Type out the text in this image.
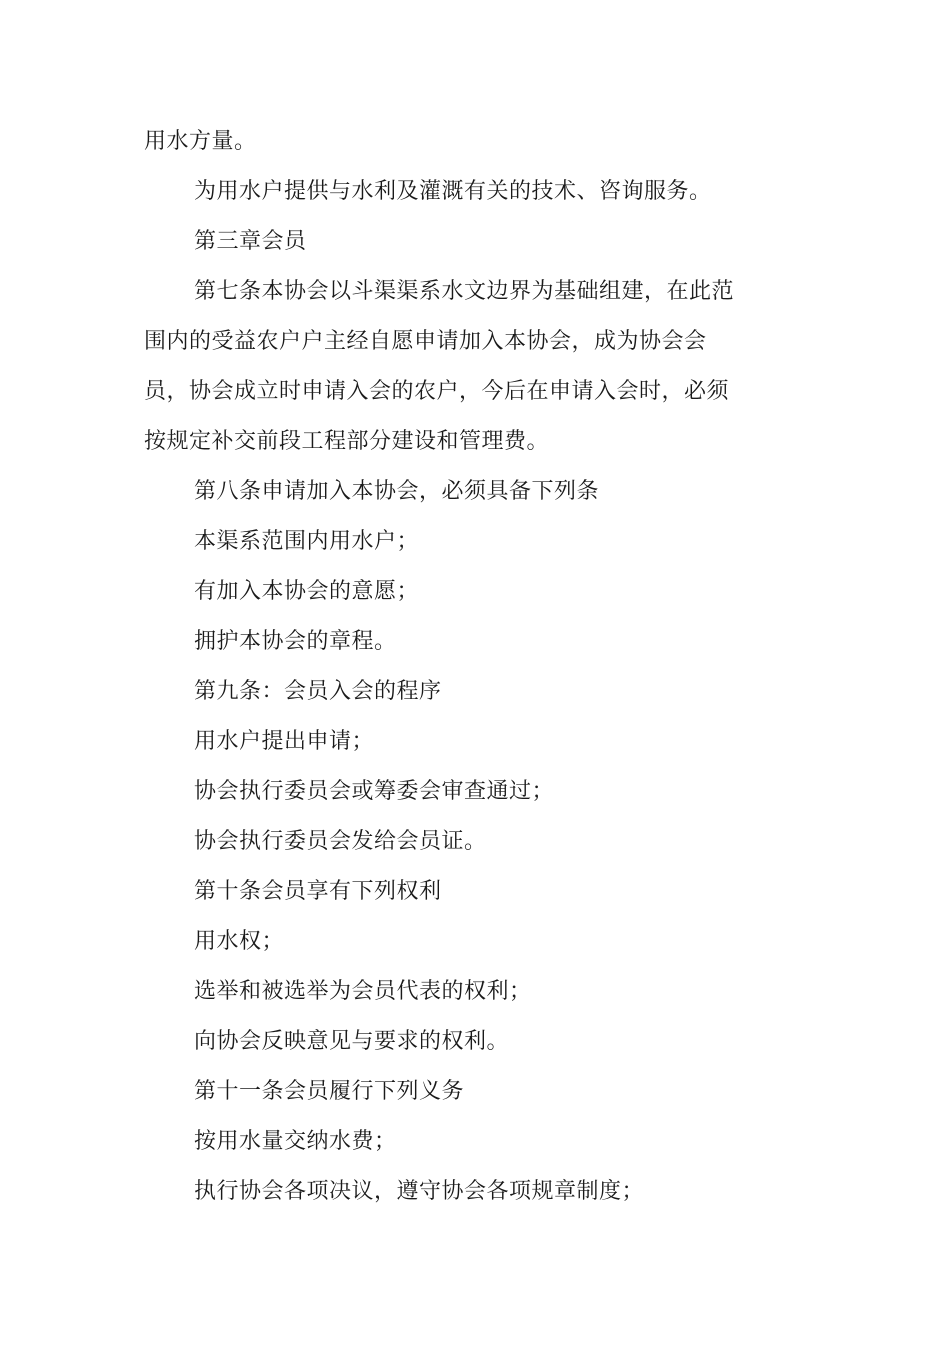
用水方量。
为用水户提供与水利及灌溉有关的技术、咨询服务。
第三章会员
第七条本协会以斗渠渠系水文边界为基础组建，在此范
围内的受益农户户主经自愿申请加入本协会，成为协会会
员，协会成立时申请入会的农户，今后在申请入会时，必须
按规定补交前段工程部分建设和管理费。
第八条申请加入本协会，必须具备下列条
本渠系范围内用水户；
有加入本协会的意愿；
拥护本协会的章程。
第九条：会员入会的程序
用水户提出申请；
协会执行委员会或筹委会审查通过；
协会执行委员会发给会员证。
第十条会员享有下列权利
用水权；
选举和被选举为会员代表的权利；
向协会反映意见与要求的权利。
第十一条会员履行下列义务
按用水量交纳水费；
执行协会各项决议，遵守协会各项规章制度；
